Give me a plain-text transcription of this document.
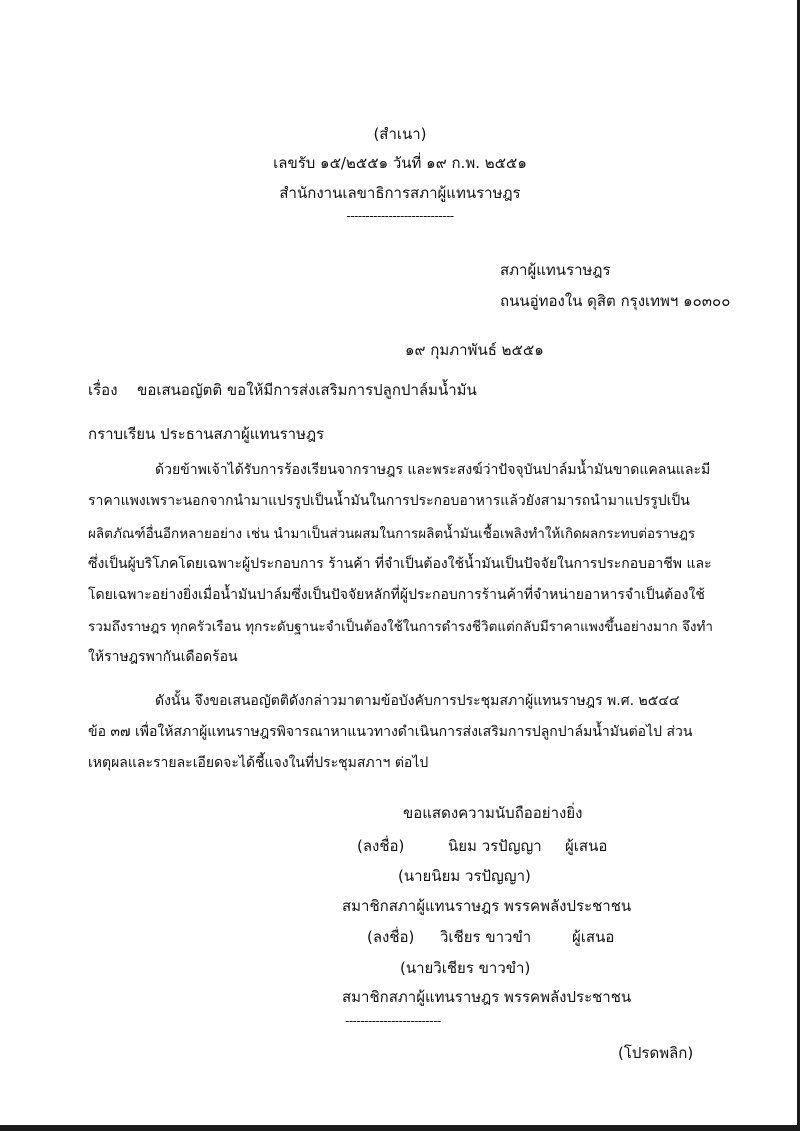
(สำเนา)
เลขรับ ๑๕/๒๕๕๑ วันที่ ๑๙ ก.พ. ๒๕๕๑
สำนักงานเลขาธิการสภาผู้แทนราษฎร
----------------------------
สภาผู้แทนราษฎร
ถนนอู่ทองใน ดุสิต กรุงเทพฯ ๑๐๓๐๐
๑๙ กุมภาพันธ์ ๒๕๕๑
เรื่อง ขอเสนอญัตติ ขอให้มีการส่งเสริมการปลูกปาล์มน้ำมัน
กราบเรียน ประธานสภาผู้แทนราษฎร
ด้วยข้าพเจ้าได้รับการร้องเรียนจากราษฎร และพระสงฆ์ว่าปัจจุบันปาล์มน้ำมันขาดแคลนและมี
ราคาแพงเพราะนอกจากนำมาแปรรูปเป็นน้ำมันในการประกอบอาหารแล้วยังสามารถนำมาแปรรูปเป็น
ผลิตภัณฑ์อื่นอีกหลายอย่าง เช่น นำมาเป็นส่วนผสมในการผลิตน้ำมันเชื้อเพลิงทำให้เกิดผลกระทบต่อราษฎร
ซึ่งเป็นผู้บริโภคโดยเฉพาะผู้ประกอบการ ร้านค้า ที่จำเป็นต้องใช้น้ำมันเป็นปัจจัยในการประกอบอาชีพ และ
โดยเฉพาะอย่างยิ่งเมื่อน้ำมันปาล์มซึ่งเป็นปัจจัยหลักที่ผู้ประกอบการร้านค้าที่จำหน่ายอาหารจำเป็นต้องใช้
รวมถึงราษฎร ทุกครัวเรือน ทุกระดับฐานะจำเป็นต้องใช้ในการดำรงชีวิตแต่กลับมีราคาแพงขึ้นอย่างมาก จึงทำ
ให้ราษฎรพากันเดือดร้อน
ดังนั้น จึงขอเสนอญัตติดังกล่าวมาตามข้อบังคับการประชุมสภาผู้แทนราษฎร พ.ศ. ๒๕๔๔
ข้อ ๓๗ เพื่อให้สภาผู้แทนราษฎรพิจารณาหาแนวทางดำเนินการส่งเสริมการปลูกปาล์มน้ำมันต่อไป ส่วน
เหตุผลและรายละเอียดจะได้ชี้แจงในที่ประชุมสภาฯ ต่อไป
ขอแสดงความนับถืออย่างยิ่ง
(ลงชื่อ)	นิยม วรปัญญา ผู้เสนอ
(นายนิยม วรปัญญา)
สมาชิกสภาผู้แทนราษฎร พรรคพลังประชาชน
(ลงชื่อ) วิเชียร ขาวขำ	ผู้เสนอ
(นายวิเชียร ขาวขำ)
สมาชิกสภาผู้แทนราษฎร พรรคพลังประชาชน
-------------------------
(โปรดพลิก)
